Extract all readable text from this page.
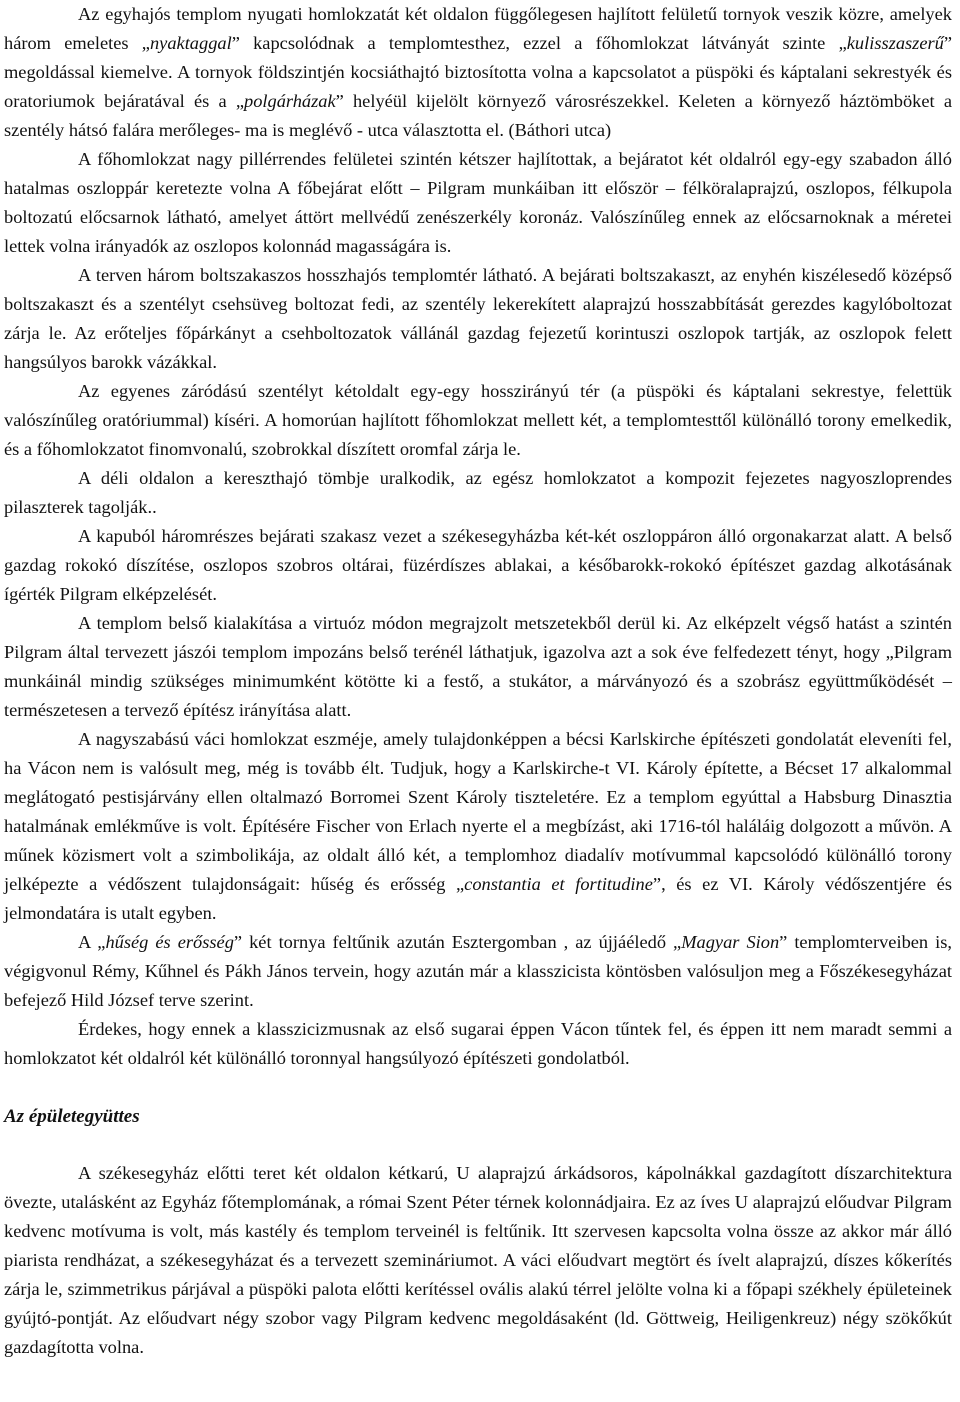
Az egyhajós templom nyugati homlokzatát két oldalon függőlegesen hajlított felületű tornyok veszik közre, amelyek három emeletes „nyaktaggal” kapcsolódnak a templomtesthez, ezzel a főhomlokzat látványát szinte „kulisszaszerű” megoldással kiemelve. A tornyok földszintjén kocsiáthajtó biztosította volna a kapcsolatot a püspöki és káptalani sekrestyék és oratoriumok bejáratával és a „polgárházak” helyéül kijelölt környező városrészekkel. Keleten a környező háztömböket a szentély hátsó falára merőleges- ma is meglévő - utca választotta el. (Báthori utca)

A főhomlokzat nagy pillérrendes felületei szintén kétszer hajlítottak, a bejáratot két oldalról egy-egy szabadon álló hatalmas oszloppár keretezte volna A főbejárat előtt – Pilgram munkáiban itt először – félköralaprajzú, oszlopos, félkupola boltozatú előcsarnok látható, amelyet áttört mellvédű zenészerkély koronáz. Valószínűleg ennek az előcsarnoknak a méretei lettek volna irányadók az oszlopos kolonnád magasságára is.

A terven három boltszakaszos hosszhajós templomtér látható. A bejárati boltszakaszt, az enyhén kiszélesedő középső boltszakaszt és a szentélyt csehsüveg boltozat fedi, az szentély lekerekített alaprajzú hosszabbítását gerezdes kagylóboltozat zárja le. Az erőteljes főpárkányt a csehboltozatok vállánál gazdag fejezetű korintuszi oszlopok tartják, az oszlopok felett hangsúlyos barokk vázákkal.

Az egyenes záródású szentélyt kétoldalt egy-egy hosszirányú tér (a püspöki és káptalani sekrestye, felettük valószínűleg oratóriummal) kíséri. A homorúan hajlított főhomlokzat mellett két, a templomtesttől különálló torony emelkedik, és a főhomlokzatot finomvonalú, szobrokkal díszített oromfal zárja le.

A déli oldalon a kereszthajó tömbje uralkodik, az egész homlokzatot a kompozit fejezetes nagyoszloprendes pilaszterek tagolják..

A kapuból háromrészes bejárati szakasz vezet a székesegyházba két-két oszloppáron álló orgonakarzat alatt. A belső gazdag rokokó díszítése, oszlopos szobros oltárai, füzérdíszes ablakai, a későbarokk-rokokó építészet gazdag alkotásának ígérték Pilgram elképzelését.

A templom belső kialakítása a virtuóz módon megrajzolt metszetekből derül ki. Az elképzelt végső hatást a szintén Pilgram által tervezett jászói templom impozáns belső terénél láthatjuk, igazolva azt a sok éve felfedezett tényt, hogy „Pilgram munkáinál mindig szükséges minimumként kötötte ki a festő, a stukátor, a márványozó és a szobrász együttműködését – természetesen a tervező építész irányítása alatt.

A nagyszabású váci homlokzat eszméje, amely tulajdonképpen a bécsi Karlskirche építészeti gondolatát eleveníti fel, ha Vácon nem is valósult meg, még is tovább élt. Tudjuk, hogy a Karlskirche-t VI. Károly építette, a Bécset 17 alkalommal meglátogató pestisjárvány ellen oltalmazó Borromei Szent Károly tiszteletére. Ez a templom egyúttal a Habsburg Dinasztia hatalmának emlékműve is volt. Építésére Fischer von Erlach nyerte el a megbízást, aki 1716-tól haláláig dolgozott a művön. A műnek közismert volt a szimbolikája, az oldalt álló két, a templomhoz diadalív motívummal kapcsolódó különálló torony jelképezte a védőszent tulajdonságait: hűség és erősség „constantia et fortitudine”, és ez VI. Károly védőszentjére és jelmondatára is utalt egyben.

A „hűség és erősség” két tornya feltűnik azután Esztergomban , az újjáéledő „Magyar Sion” templomterveiben is, végigvonul Rémy, Kűhnel és Pákh János tervein, hogy azután már a klasszicista köntösben valósuljon meg a Főszékesegyházat befejező Hild József terve szerint.

Érdekes, hogy ennek a klasszicizmusnak az első sugarai éppen Vácon tűntek fel, és éppen itt nem maradt semmi a homlokzatot két oldalról két különálló toronnyal hangsúlyozó építészeti gondolatból.

Az épületegyüttes

A székesegyház előtti teret két oldalon kétkarú, U alaprajzú árkádsoros, kápolnákkal gazdagított díszarchitektura övezte, utalásként az Egyház főtemplomának, a római Szent Péter térnek kolonnádjaira. Ez az íves U alaprajzú előudvar Pilgram kedvenc motívuma is volt, más kastély és templom terveinél is feltűnik. Itt szervesen kapcsolta volna össze az akkor már álló piarista rendházat, a székesegyházat és a tervezett szemináriumot. A váci előudvart megtört és ívelt alaprajzú, díszes kőkerítés zárja le, szimmetrikus párjával a püspöki palota előtti kerítéssel ovális alakú térrel jelölte volna ki a főpapi székhely épületeinek gyújtó-pontját. Az előudvart négy szobor vagy Pilgram kedvenc megoldásaként (ld. Göttweig, Heiligenkreuz) négy szökőkút gazdagította volna.
